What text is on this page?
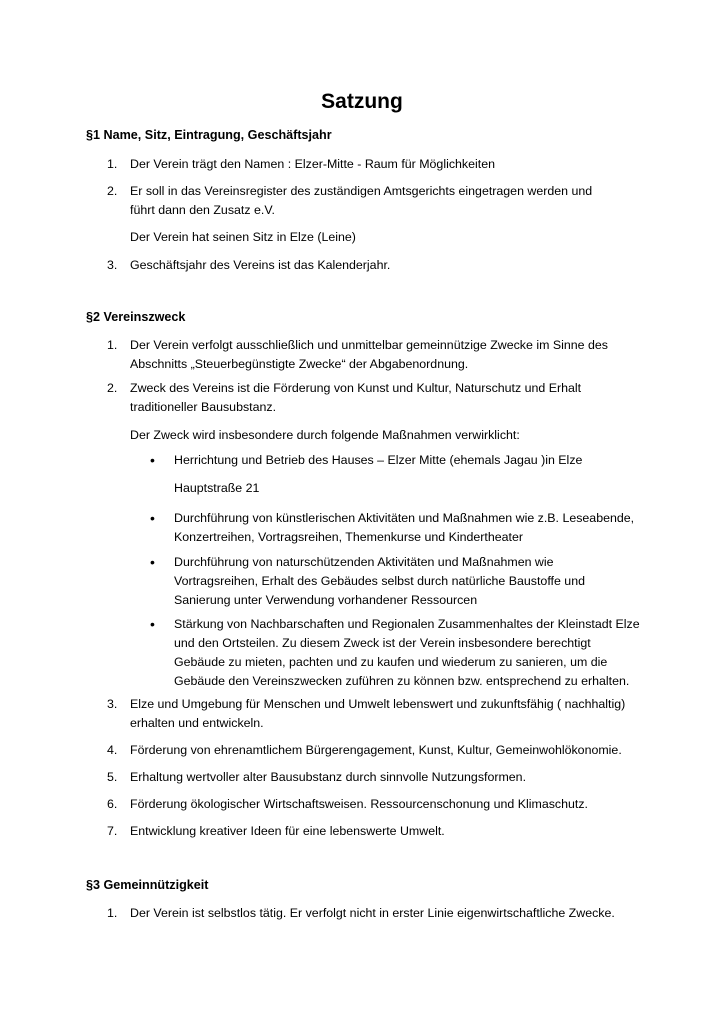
Satzung
§1 Name, Sitz, Eintragung, Geschäftsjahr
1. Der Verein trägt den Namen : Elzer-Mitte - Raum für Möglichkeiten
2. Er soll in das Vereinsregister des zuständigen Amtsgerichts eingetragen werden und führt dann den Zusatz e.V.
Der Verein hat seinen Sitz in Elze (Leine)
3. Geschäftsjahr des Vereins ist das Kalenderjahr.
§2 Vereinszweck
1. Der Verein verfolgt ausschließlich und unmittelbar gemeinnützige Zwecke im Sinne des Abschnitts „Steuerbegünstigte Zwecke“ der Abgabenordnung.
2. Zweck des Vereins ist die Förderung von Kunst und Kultur, Naturschutz und Erhalt traditioneller Bausubstanz.
Der Zweck wird insbesondere durch folgende Maßnahmen verwirklicht:
• Herrichtung und Betrieb des Hauses – Elzer Mitte (ehemals Jagau )in Elze
Hauptstraße 21
• Durchführung von künstlerischen Aktivitäten und Maßnahmen wie z.B. Leseabende, Konzertreihen, Vortragsreihen, Themenkurse und Kindertheater
• Durchführung von naturschützenden Aktivitäten und Maßnahmen wie Vortragsreihen, Erhalt des Gebäudes selbst durch natürliche Baustoffe und Sanierung unter Verwendung vorhandener Ressourcen
• Stärkung von Nachbarschaften und Regionalen Zusammenhaltes der Kleinstadt Elze und den Ortsteilen. Zu diesem Zweck ist der Verein insbesondere berechtigt Gebäude zu mieten, pachten und zu kaufen und wiederum zu sanieren, um die Gebäude den Vereinszwecken zuführen zu können bzw. entsprechend zu erhalten.
3. Elze und Umgebung für Menschen und Umwelt lebenswert und zukunftsfähig ( nachhaltig) erhalten und entwickeln.
4. Förderung von ehrenamtlichem Bürgerengagement, Kunst, Kultur, Gemeinwohlökonomie.
5. Erhaltung wertvoller alter Bausubstanz durch sinnvolle Nutzungsformen.
6. Förderung ökologischer Wirtschaftsweisen. Ressourcenschonung und Klimaschutz.
7. Entwicklung kreativer Ideen für eine lebenswerte Umwelt.
§3 Gemeinnützigkeit
1. Der Verein ist selbstlos tätig. Er verfolgt nicht in erster Linie eigenwirtschaftliche Zwecke.
